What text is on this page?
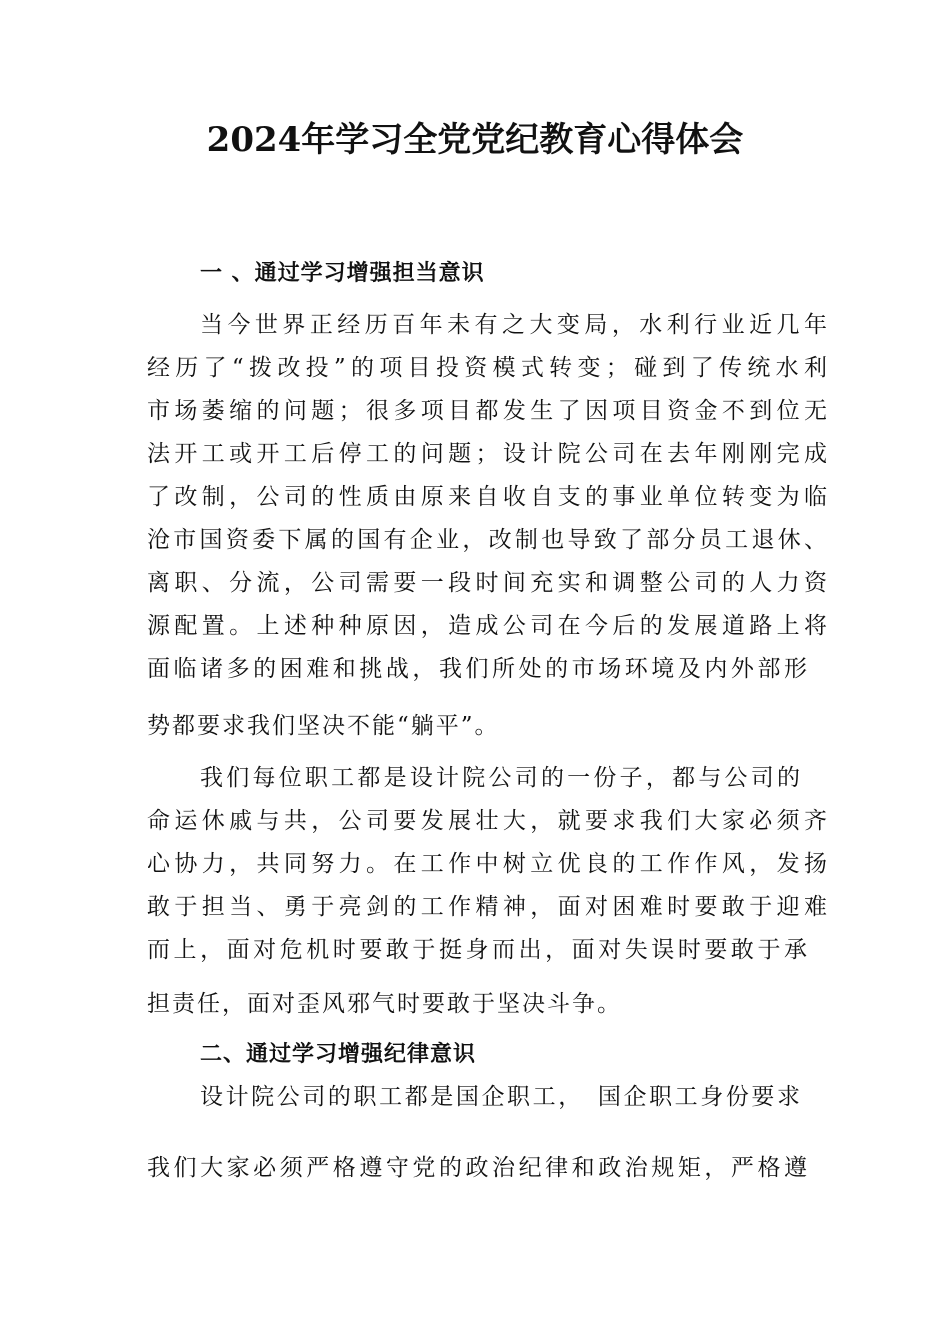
2024年学习全党党纪教育心得体会
一 、通过学习增强担当意识
当今世界正经历百年未有之大变局，水利行业近几年
经历了“拨改投”的项目投资模式转变；碰到了传统水利
市场萎缩的问题；很多项目都发生了因项目资金不到位无
法开工或开工后停工的问题；设计院公司在去年刚刚完成
了改制，公司的性质由原来自收自支的事业单位转变为临
沧市国资委下属的国有企业，改制也导致了部分员工退休、
离职、分流，公司需要一段时间充实和调整公司的人力资
源配置。上述种种原因，造成公司在今后的发展道路上将
面临诸多的困难和挑战，我们所处的市场环境及内外部形
势都要求我们坚决不能“躺平”。
我们每位职工都是设计院公司的一份子，都与公司的
命运休戚与共，公司要发展壮大，就要求我们大家必须齐
心协力，共同努力。在工作中树立优良的工作作风，发扬
敢于担当、勇于亮剑的工作精神，面对困难时要敢于迎难
而上，面对危机时要敢于挺身而出，面对失误时要敢于承
担责任，面对歪风邪气时要敢于坚决斗争。
二、通过学习增强纪律意识
设计院公司的职工都是国企职工，　国企职工身份要求
我们大家必须严格遵守党的政治纪律和政治规矩，严格遵
